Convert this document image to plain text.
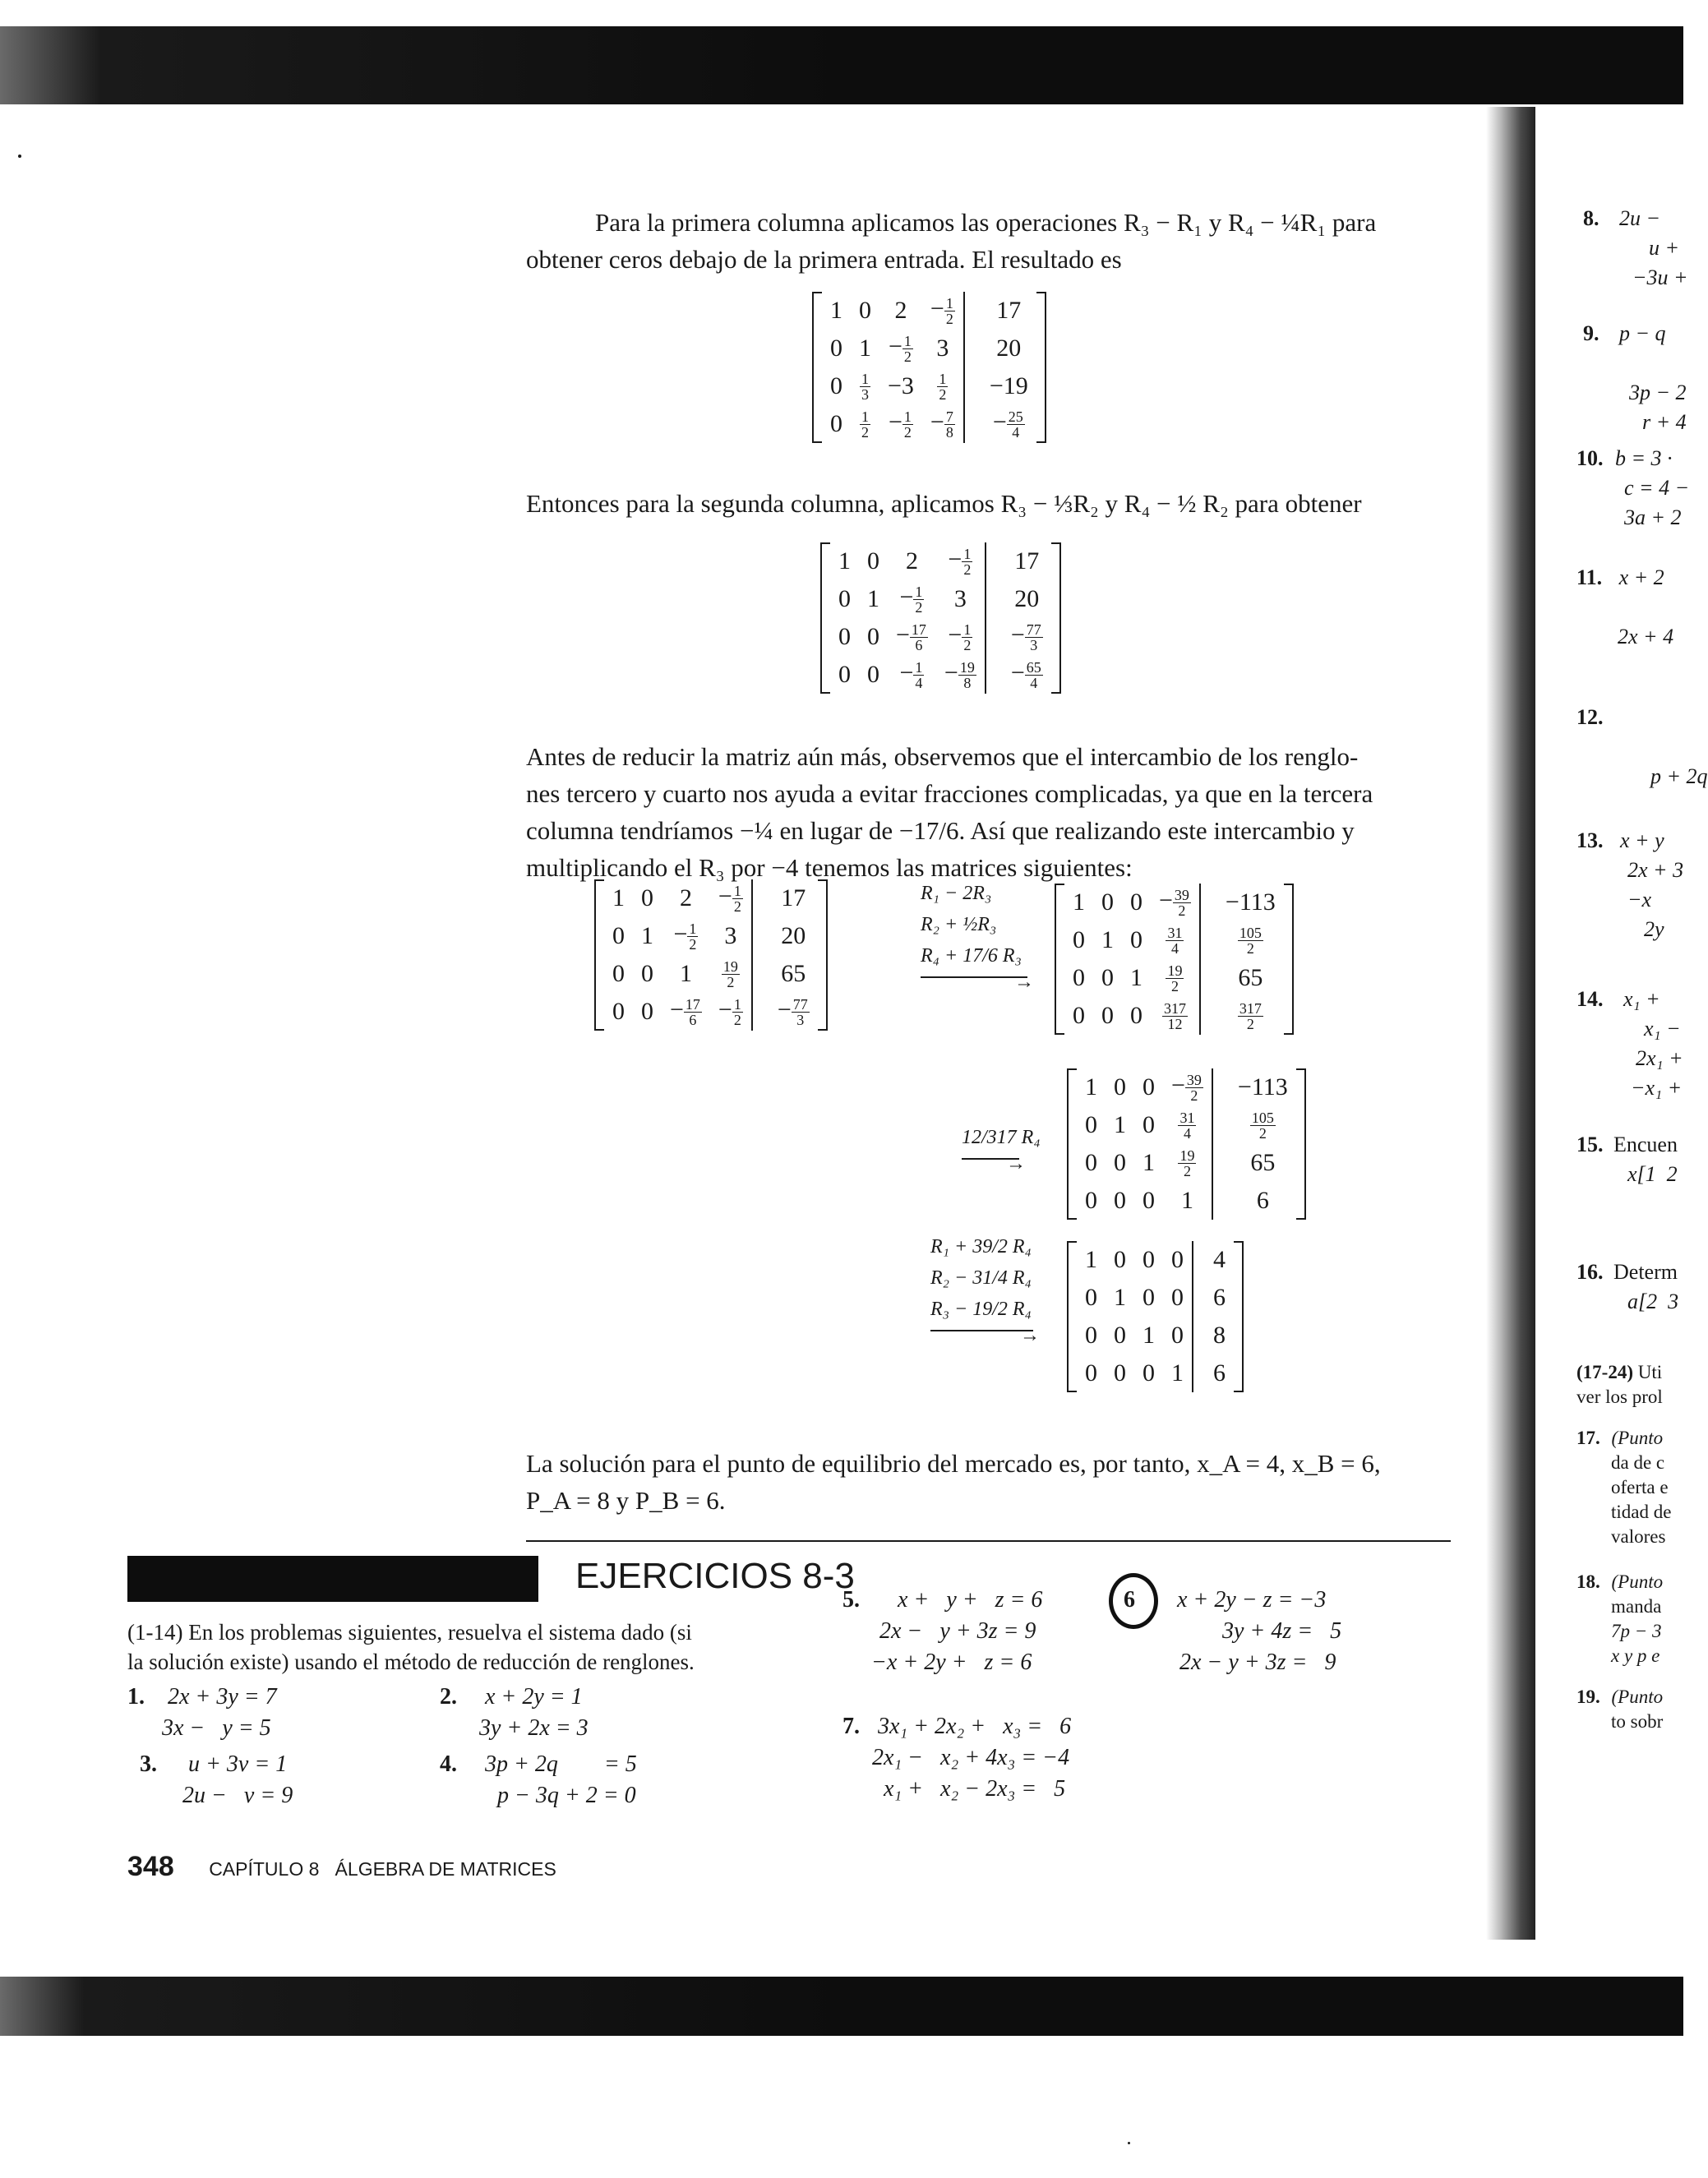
Para la primera columna aplicamos las operaciones R₃ − R₁ y R₄ − ¼R₁ para
obtener ceros debajo de la primera entrada. El resultado es
1	0	2	− $\frac{1}{2}$	17
0	1	− $\frac{1}{2}$	3	20
0	$\frac{1}{3}$	−3	$\frac{1}{2}$	−19
0	$\frac{1}{2}$	− $\frac{1}{2}$	− $\frac{7}{8}$	− $\frac{25}{4}$
Entonces para la segunda columna, aplicamos R₃ − ⅓R₂ y R₄ − ½ R₂ para obtener
1	0	2	− $\frac{1}{2}$	17
0	1	− $\frac{1}{2}$	3	20
0	0	− $\frac{17}{6}$	− $\frac{1}{2}$	− $\frac{77}{3}$

0	0	− $\frac{1}{4}$	− $\frac{19}{8}$	− $\frac{65}{4}$
Antes de reducir la matriz aún más, observemos que el intercambio de los renglo-
nes tercero y cuarto nos ayuda a evitar fracciones complicadas, ya que en la tercera
columna tendríamos −¼ en lugar de −17/6. Así que realizando este intercambio y
multiplicando el R₃ por −4 tenemos las matrices siguientes:
1	0	2	− $\frac{1}{2}$	17
0	1	− $\frac{1}{2}$	3	20
0	0	1	$\frac{19}{2}$	65
0	0	− $\frac{17}{6}$	− $\frac{1}{2}$	− $\frac{77}{3}$
R₁ − 2R₃
R₂ + ½R₃
R₄ + 17/6 R₃
→
1	0	0	− $\frac{39}{2}$	−113
0	1	0	$\frac{31}{4}$	$\frac{105}{2}$

0	0	1	$\frac{19}{2}$	65
0	0	0	$\frac{317}{12}$	$\frac{317}{2}$
12/317 R₄
→
1	0	0	− $\frac{39}{2}$	−113
0	1	0	$\frac{31}{4}$	$\frac{105}{2}$

0	0	1	$\frac{19}{2}$	65
0	0	0	1	6
R₁ + 39/2 R₄
R₂ − 31/4 R₄
R₃ − 19/2 R₄
→
1	0	0	0	4
0	1	0	0	6
0	0	1	0	8
0	0	0	1	6
La solución para el punto de equilibrio del mercado es, por tanto, x_A = 4, x_B = 6,
P_A = 8 y P_B = 6.
EJERCICIOS 8-3
(1-14) En los problemas siguientes, resuelva el sistema dado (si
la solución existe) usando el método de reducción de renglones.
1. 2x + 3y = 7
3x −   y = 5
2. x + 2y = 1
3y + 2x = 3
3. u + 3v = 1
2u −   v = 9
4. 3p + 2q        = 5
p − 3q + 2 = 0
5. x +   y +   z = 6
2x −   y + 3z = 9
−x + 2y +   z = 6
7. 3x₁ + 2x₂ +   x₃ =   6
2x₁ −   x₂ + 4x₃ = −4
x₁ +   x₂ − 2x₃ =   5
6 x + 2y − z = −3
3y + 4z =   5
2x − y + 3z =   9
348 CAPÍTULO 8   ÁLGEBRA DE MATRICES
8. 2u −
u +
−3u +
9. p − q

3p − 2
r + 4
10. b = 3 ·
c = 4 −
3a + 2
11. x + 2

2x + 4
12.

p + 2q
13. x + y
2x + 3
−x
2y
14. x₁ +
x₁ −
2x₁ +
−x₁ +
15. Encuen
x[1  2
16. Determ
a[2  3
(17-24) Uti
ver los prol
17. (Punto
da de c
oferta e
tidad de
valores
18. (Punto
manda
7p − 3
x y p e
19. (Punto
to sobr
